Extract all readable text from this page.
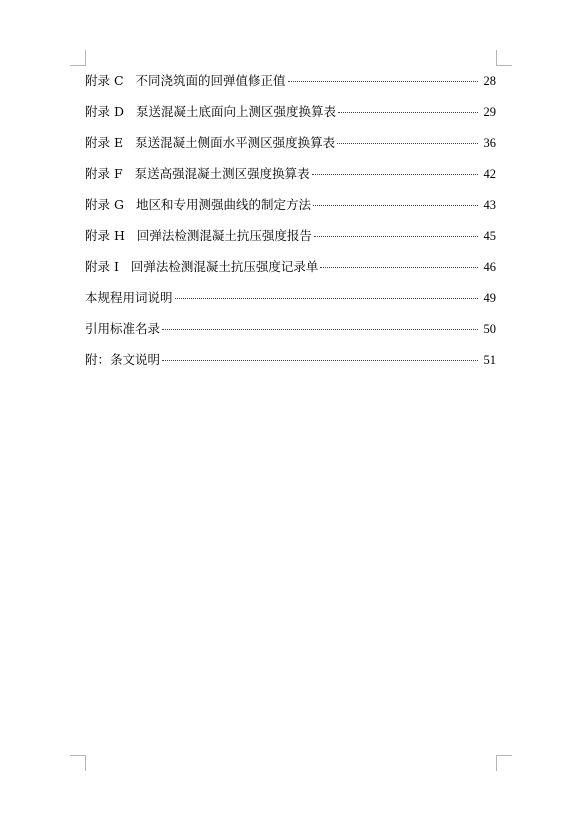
附录 C 不同浇筑面的回弹值修正值	28
附录 D 泵送混凝土底面向上测区强度换算表	29
附录 E 泵送混凝土侧面水平测区强度换算表	36
附录 F 泵送高强混凝土测区强度换算表	42
附录 G 地区和专用测强曲线的制定方法	43
附录 H 回弹法检测混凝土抗压强度报告	45
附录 I 回弹法检测混凝土抗压强度记录单	46
本规程用词说明	49
引用标准名录	50
附：条文说明	51
